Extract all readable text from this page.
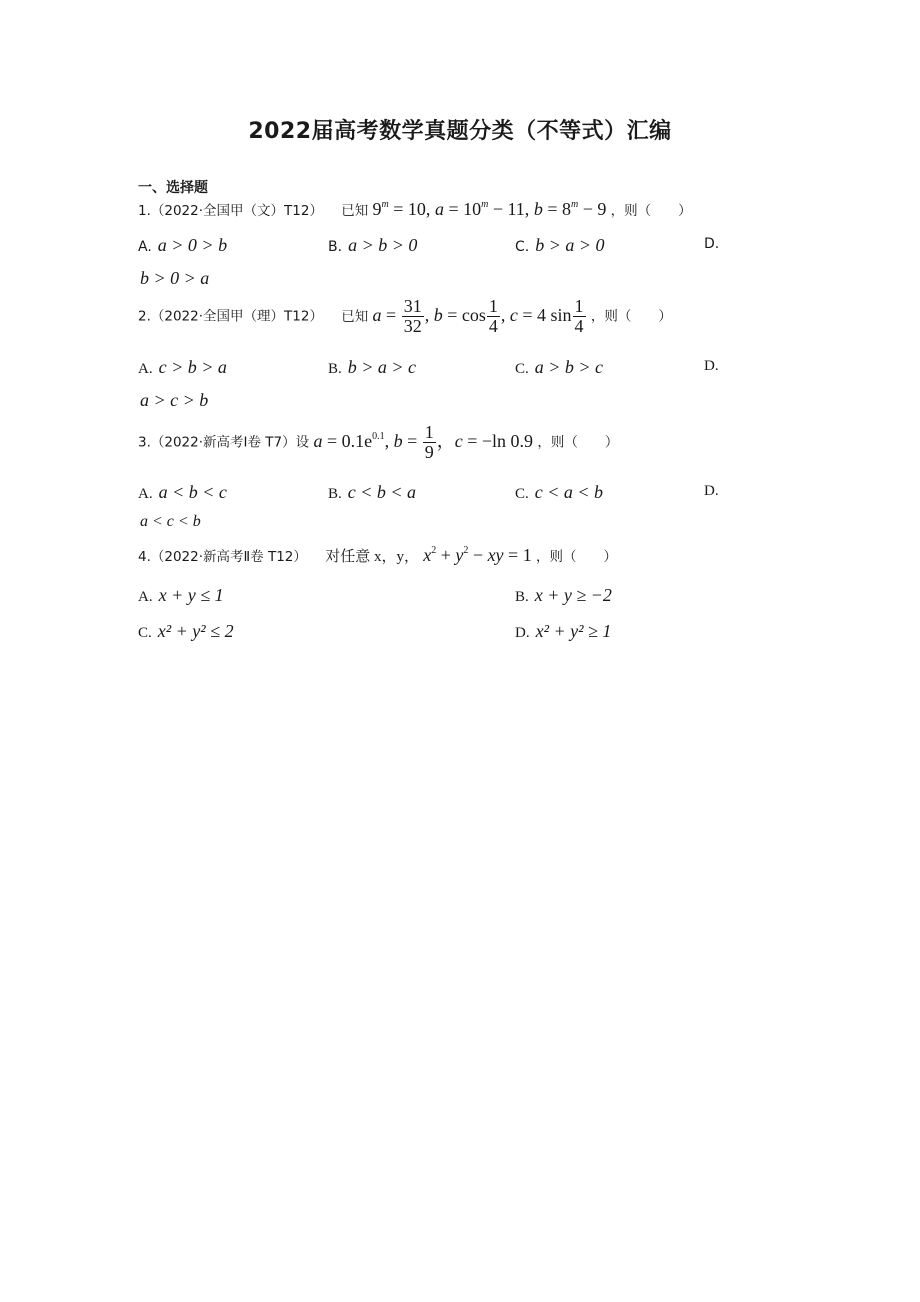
2022届高考数学真题分类（不等式）汇编
一、选择题
1.（2022·全国甲（文）T12） 已知 $9^m = 10$, $a = 10^m - 11$, $b = 8^m - 9$ ，则（　　）
A. a > 0 > b	B. a > b > 0	C. b > a > 0	D.
b > 0 > a
2.（2022·全国甲（理）T12） 已知 $a = \frac{31}{32}$ , $b = \cos \frac{1}{4}$ , c = 4 $\sin \frac{1}{4}$ ，则（　　）
A. c > b > a	B. b > a > c	C. a > b > c	D.
a > c > b
3.（2022·新高考Ⅰ卷 T7）设 $a = 0.1e^{0.1}$, $b = \frac{1}{9}$ ，c = −ln 0.9 ，则（　　）
A. a < b < c	B. c < b < a	C. c < a < b	D.
a < c < b
4.（2022·新高考Ⅱ卷 T12） 对任意 x，y， $x^2 + y^2$ − xy = 1 ，则（　　）
A. x + y ≤ 1	B. x + y ≥ −2
C. x² + y² ≤ 2	D. x² + y² ≥ 1
